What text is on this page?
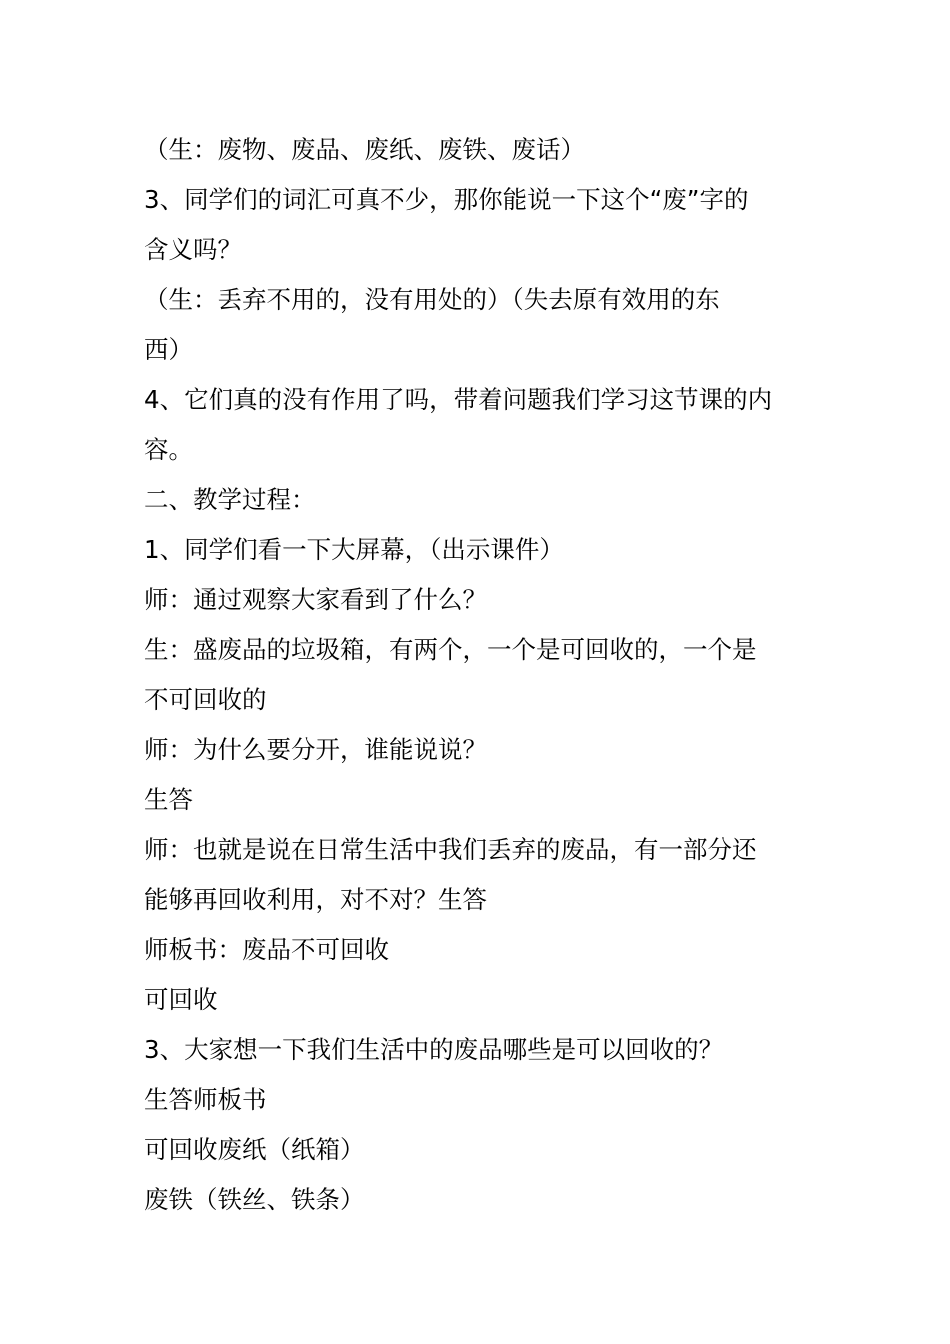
（生：废物、废品、废纸、废铁、废话）
3、同学们的词汇可真不少，那你能说一下这个“废”字的
含义吗？
（生：丢弃不用的，没有用处的）（失去原有效用的东
西）
4、它们真的没有作用了吗，带着问题我们学习这节课的内
容。
二、教学过程：
1、同学们看一下大屏幕，（出示课件）
师：通过观察大家看到了什么？
生：盛废品的垃圾箱，有两个，一个是可回收的，一个是
不可回收的
师：为什么要分开，谁能说说？
生答
师：也就是说在日常生活中我们丢弃的废品，有一部分还
能够再回收利用，对不对？生答
师板书：废品不可回收
可回收
3、大家想一下我们生活中的废品哪些是可以回收的？
生答师板书
可回收废纸（纸箱）
废铁（铁丝、铁条）
